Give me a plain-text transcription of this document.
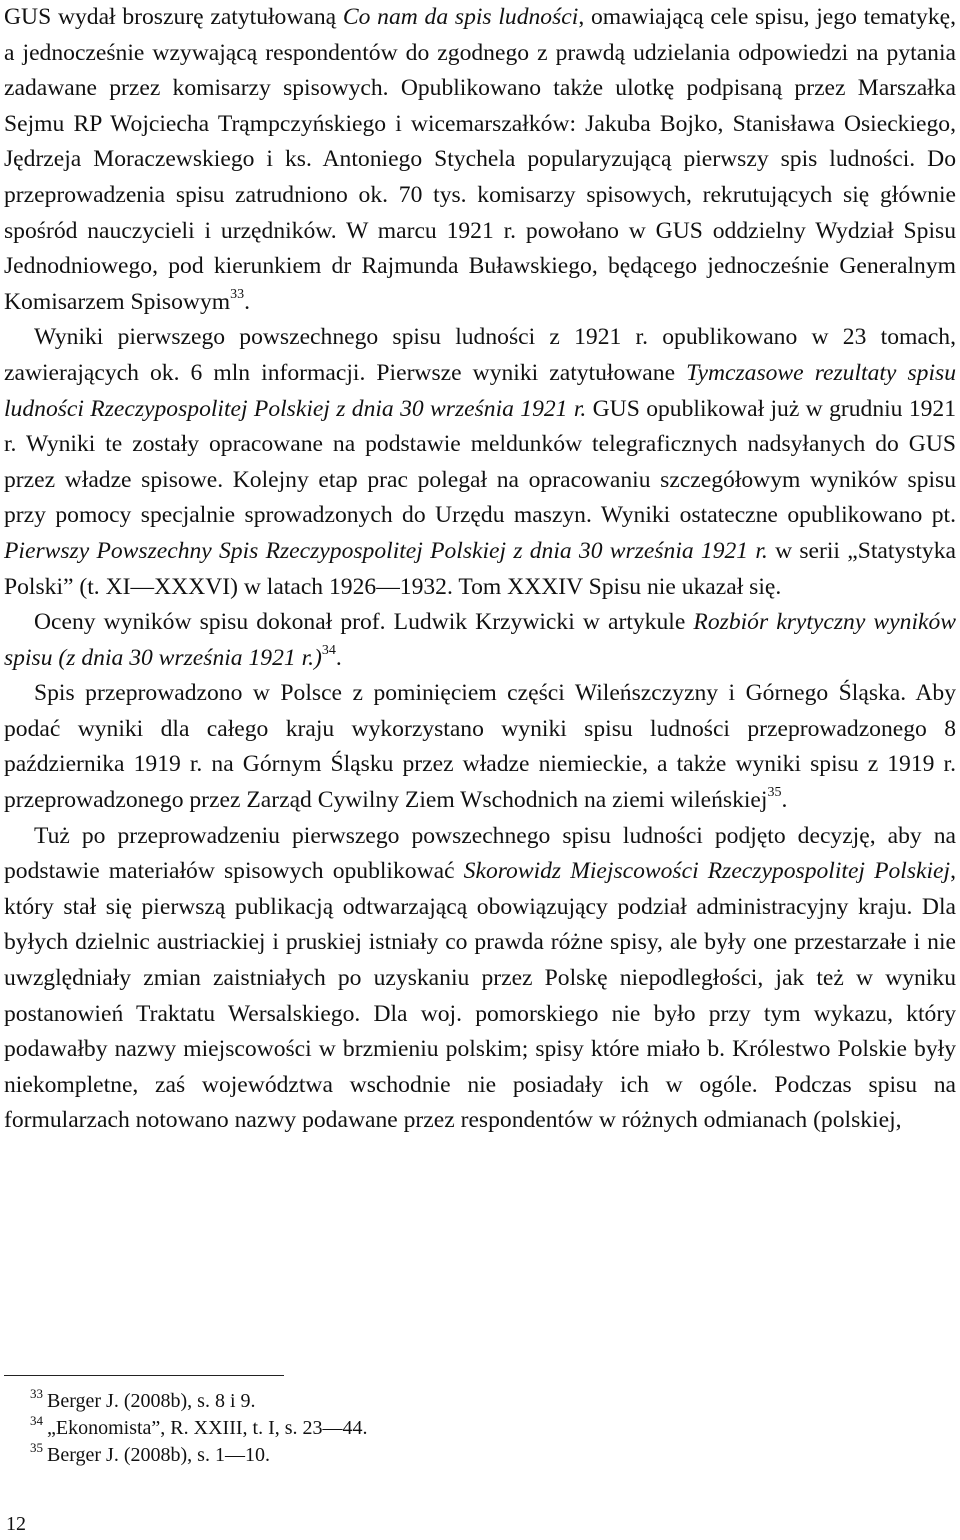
GUS wydał broszurę zatytułowaną Co nam da spis ludności, omawiającą cele spisu, jego tematykę, a jednocześnie wzywającą respondentów do zgodnego z prawdą udzielania odpowiedzi na pytania zadawane przez komisarzy spisowych. Opublikowano także ulotkę podpisaną przez Marszałka Sejmu RP Wojciecha Trąmpczyńskiego i wicemarszałków: Jakuba Bojko, Stanisława Osieckiego, Jędrzeja Moraczewskiego i ks. Antoniego Stychela popularyzującą pierwszy spis ludności. Do przeprowadzenia spisu zatrudniono ok. 70 tys. komisarzy spisowych, rekrutujących się głównie spośród nauczycieli i urzędników. W marcu 1921 r. powołano w GUS oddzielny Wydział Spisu Jednodniowego, pod kierunkiem dr Rajmunda Buławskiego, będącego jednocześnie Generalnym Komisarzem Spisowym$^{33}$.

Wyniki pierwszego powszechnego spisu ludności z 1921 r. opublikowano w 23 tomach, zawierających ok. 6 mln informacji. Pierwsze wyniki zatytułowane Tymczasowe rezultaty spisu ludności Rzeczypospolitej Polskiej z dnia 30 września 1921 r. GUS opublikował już w grudniu 1921 r. Wyniki te zostały opracowane na podstawie meldunków telegraficznych nadsyłanych do GUS przez władze spisowe. Kolejny etap prac polegał na opracowaniu szczegółowym wyników spisu przy pomocy specjalnie sprowadzonych do Urzędu maszyn. Wyniki ostateczne opublikowano pt. Pierwszy Powszechny Spis Rzeczypospolitej Polskiej z dnia 30 września 1921 r. w serii „Statystyka Polski” (t. XI—XXXVI) w latach 1926—1932. Tom XXXIV Spisu nie ukazał się.

Oceny wyników spisu dokonał prof. Ludwik Krzywicki w artykule Rozbiór krytyczny wyników spisu (z dnia 30 września 1921 r.)$^{34}$.

Spis przeprowadzono w Polsce z pominięciem części Wileńszczyzny i Górnego Śląska. Aby podać wyniki dla całego kraju wykorzystano wyniki spisu ludności przeprowadzonego 8 października 1919 r. na Górnym Śląsku przez władze niemieckie, a także wyniki spisu z 1919 r. przeprowadzonego przez Zarząd Cywilny Ziem Wschodnich na ziemi wileńskiej$^{35}$.

Tuż po przeprowadzeniu pierwszego powszechnego spisu ludności podjęto decyzję, aby na podstawie materiałów spisowych opublikować Skorowidz Miejscowości Rzeczypospolitej Polskiej, który stał się pierwszą publikacją odtwarzającą obowiązujący podział administracyjny kraju. Dla byłych dzielnic austriackiej i pruskiej istniały co prawda różne spisy, ale były one przestarzałe i nie uwzględniały zmian zaistniałych po uzyskaniu przez Polskę niepodległości, jak też w wyniku postanowień Traktatu Wersalskiego. Dla woj. pomorskiego nie było przy tym wykazu, który podawałby nazwy miejscowości w brzmieniu polskim; spisy które miało b. Królestwo Polskie były niekompletne, zaś województwa wschodnie nie posiadały ich w ogóle. Podczas spisu na formularzach notowano nazwy podawane przez respondentów w różnych odmianach (polskiej,

$^{33}$ Berger J. (2008b), s. 8 i 9.

$^{34}$ „Ekonomista”, R. XXIII, t. I, s. 23—44.

$^{35}$ Berger J. (2008b), s. 1—10.

12
